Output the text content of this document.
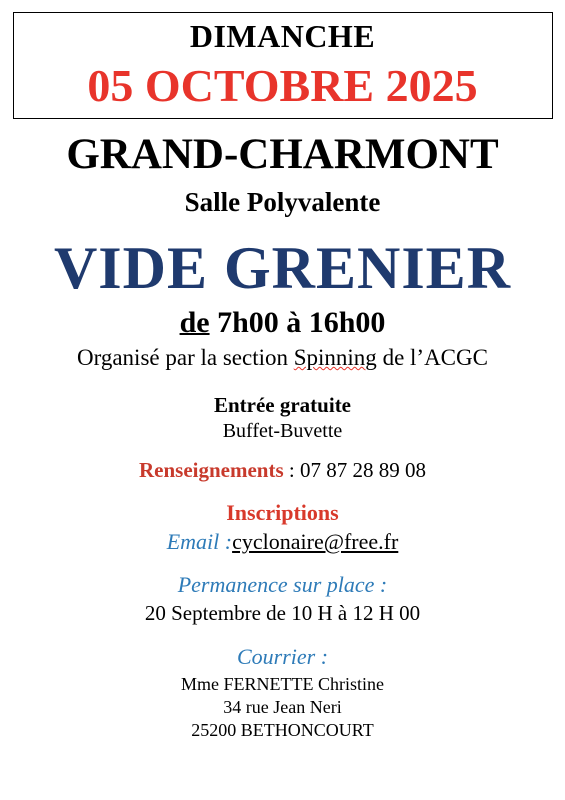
DIMANCHE
05 OCTOBRE 2025
GRAND-CHARMONT
Salle Polyvalente
VIDE GRENIER
de 7h00 à 16h00
Organisé par la section Spinning de l’ACGC
Entrée gratuite
Buffet-Buvette
Renseignements : 07 87 28 89 08
Inscriptions
Email :cyclonaire@free.fr
Permanence sur place :
20 Septembre de 10 H à 12 H 00
Courrier :
Mme FERNETTE Christine
34 rue Jean Neri
25200 BETHONCOURT
